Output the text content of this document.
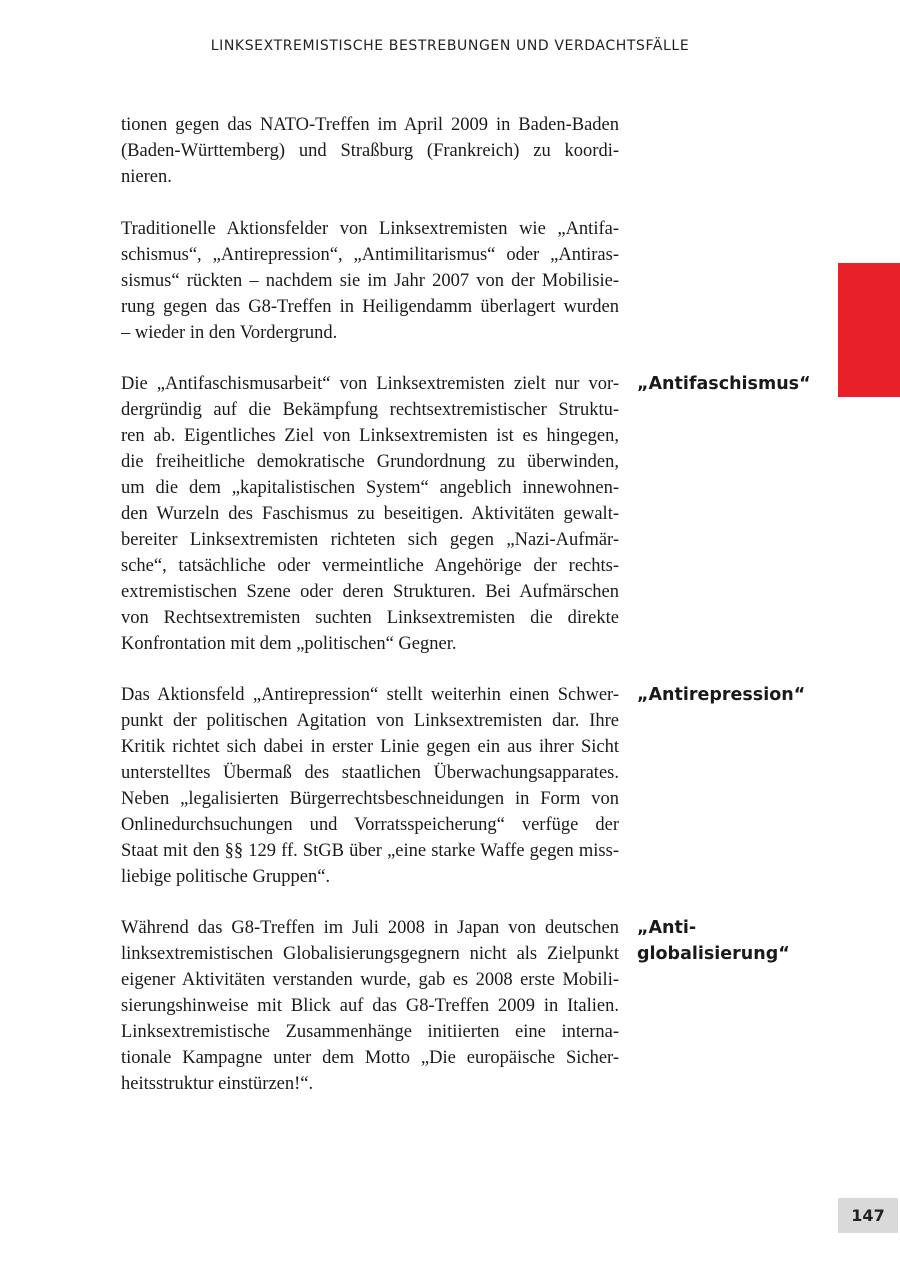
LINKSEXTREMISTISCHE BESTREBUNGEN UND VERDACHTSFÄLLE

tionen gegen das NATO-Treffen im April 2009 in Baden-Baden
(Baden-Württemberg) und Straßburg (Frankreich) zu koordi-
nieren.

Traditionelle Aktionsfelder von Linksextremisten wie „Antifa-
schismus“, „Antirepression“, „Antimilitarismus“ oder „Antiras-
sismus“ rückten – nachdem sie im Jahr 2007 von der Mobilisie-
rung gegen das G8-Treffen in Heiligendamm überlagert wurden
– wieder in den Vordergrund.

Die „Antifaschismusarbeit“ von Linksextremisten zielt nur vor-
dergründig auf die Bekämpfung rechtsextremistischer Struktu-
ren ab. Eigentliches Ziel von Linksextremisten ist es hingegen,
die freiheitliche demokratische Grundordnung zu überwinden,
um die dem „kapitalistischen System“ angeblich innewohnen-
den Wurzeln des Faschismus zu beseitigen. Aktivitäten gewalt-
bereiter Linksextremisten richteten sich gegen „Nazi-Aufmär-
sche“, tatsächliche oder vermeintliche Angehörige der rechts-
extremistischen Szene oder deren Strukturen. Bei Aufmärschen
von Rechtsextremisten suchten Linksextremisten die direkte
Konfrontation mit dem „politischen“ Gegner.

Das Aktionsfeld „Antirepression“ stellt weiterhin einen Schwer-
punkt der politischen Agitation von Linksextremisten dar. Ihre
Kritik richtet sich dabei in erster Linie gegen ein aus ihrer Sicht
unterstelltes Übermaß des staatlichen Überwachungsapparates.
Neben „legalisierten Bürgerrechtsbeschneidungen in Form von
Onlinedurchsuchungen und Vorratsspeicherung“ verfüge der
Staat mit den §§ 129 ff. StGB über „eine starke Waffe gegen miss-
liebige politische Gruppen“.

Während das G8-Treffen im Juli 2008 in Japan von deutschen
linksextremistischen Globalisierungsgegnern nicht als Zielpunkt
eigener Aktivitäten verstanden wurde, gab es 2008 erste Mobili-
sierungshinweise mit Blick auf das G8-Treffen 2009 in Italien.
Linksextremistische Zusammenhänge initiierten eine interna-
tionale Kampagne unter dem Motto „Die europäische Sicher-
heitsstruktur einstürzen!“.

„Antifaschismus“

„Antirepression“

„Anti-
globalisierung“

147
